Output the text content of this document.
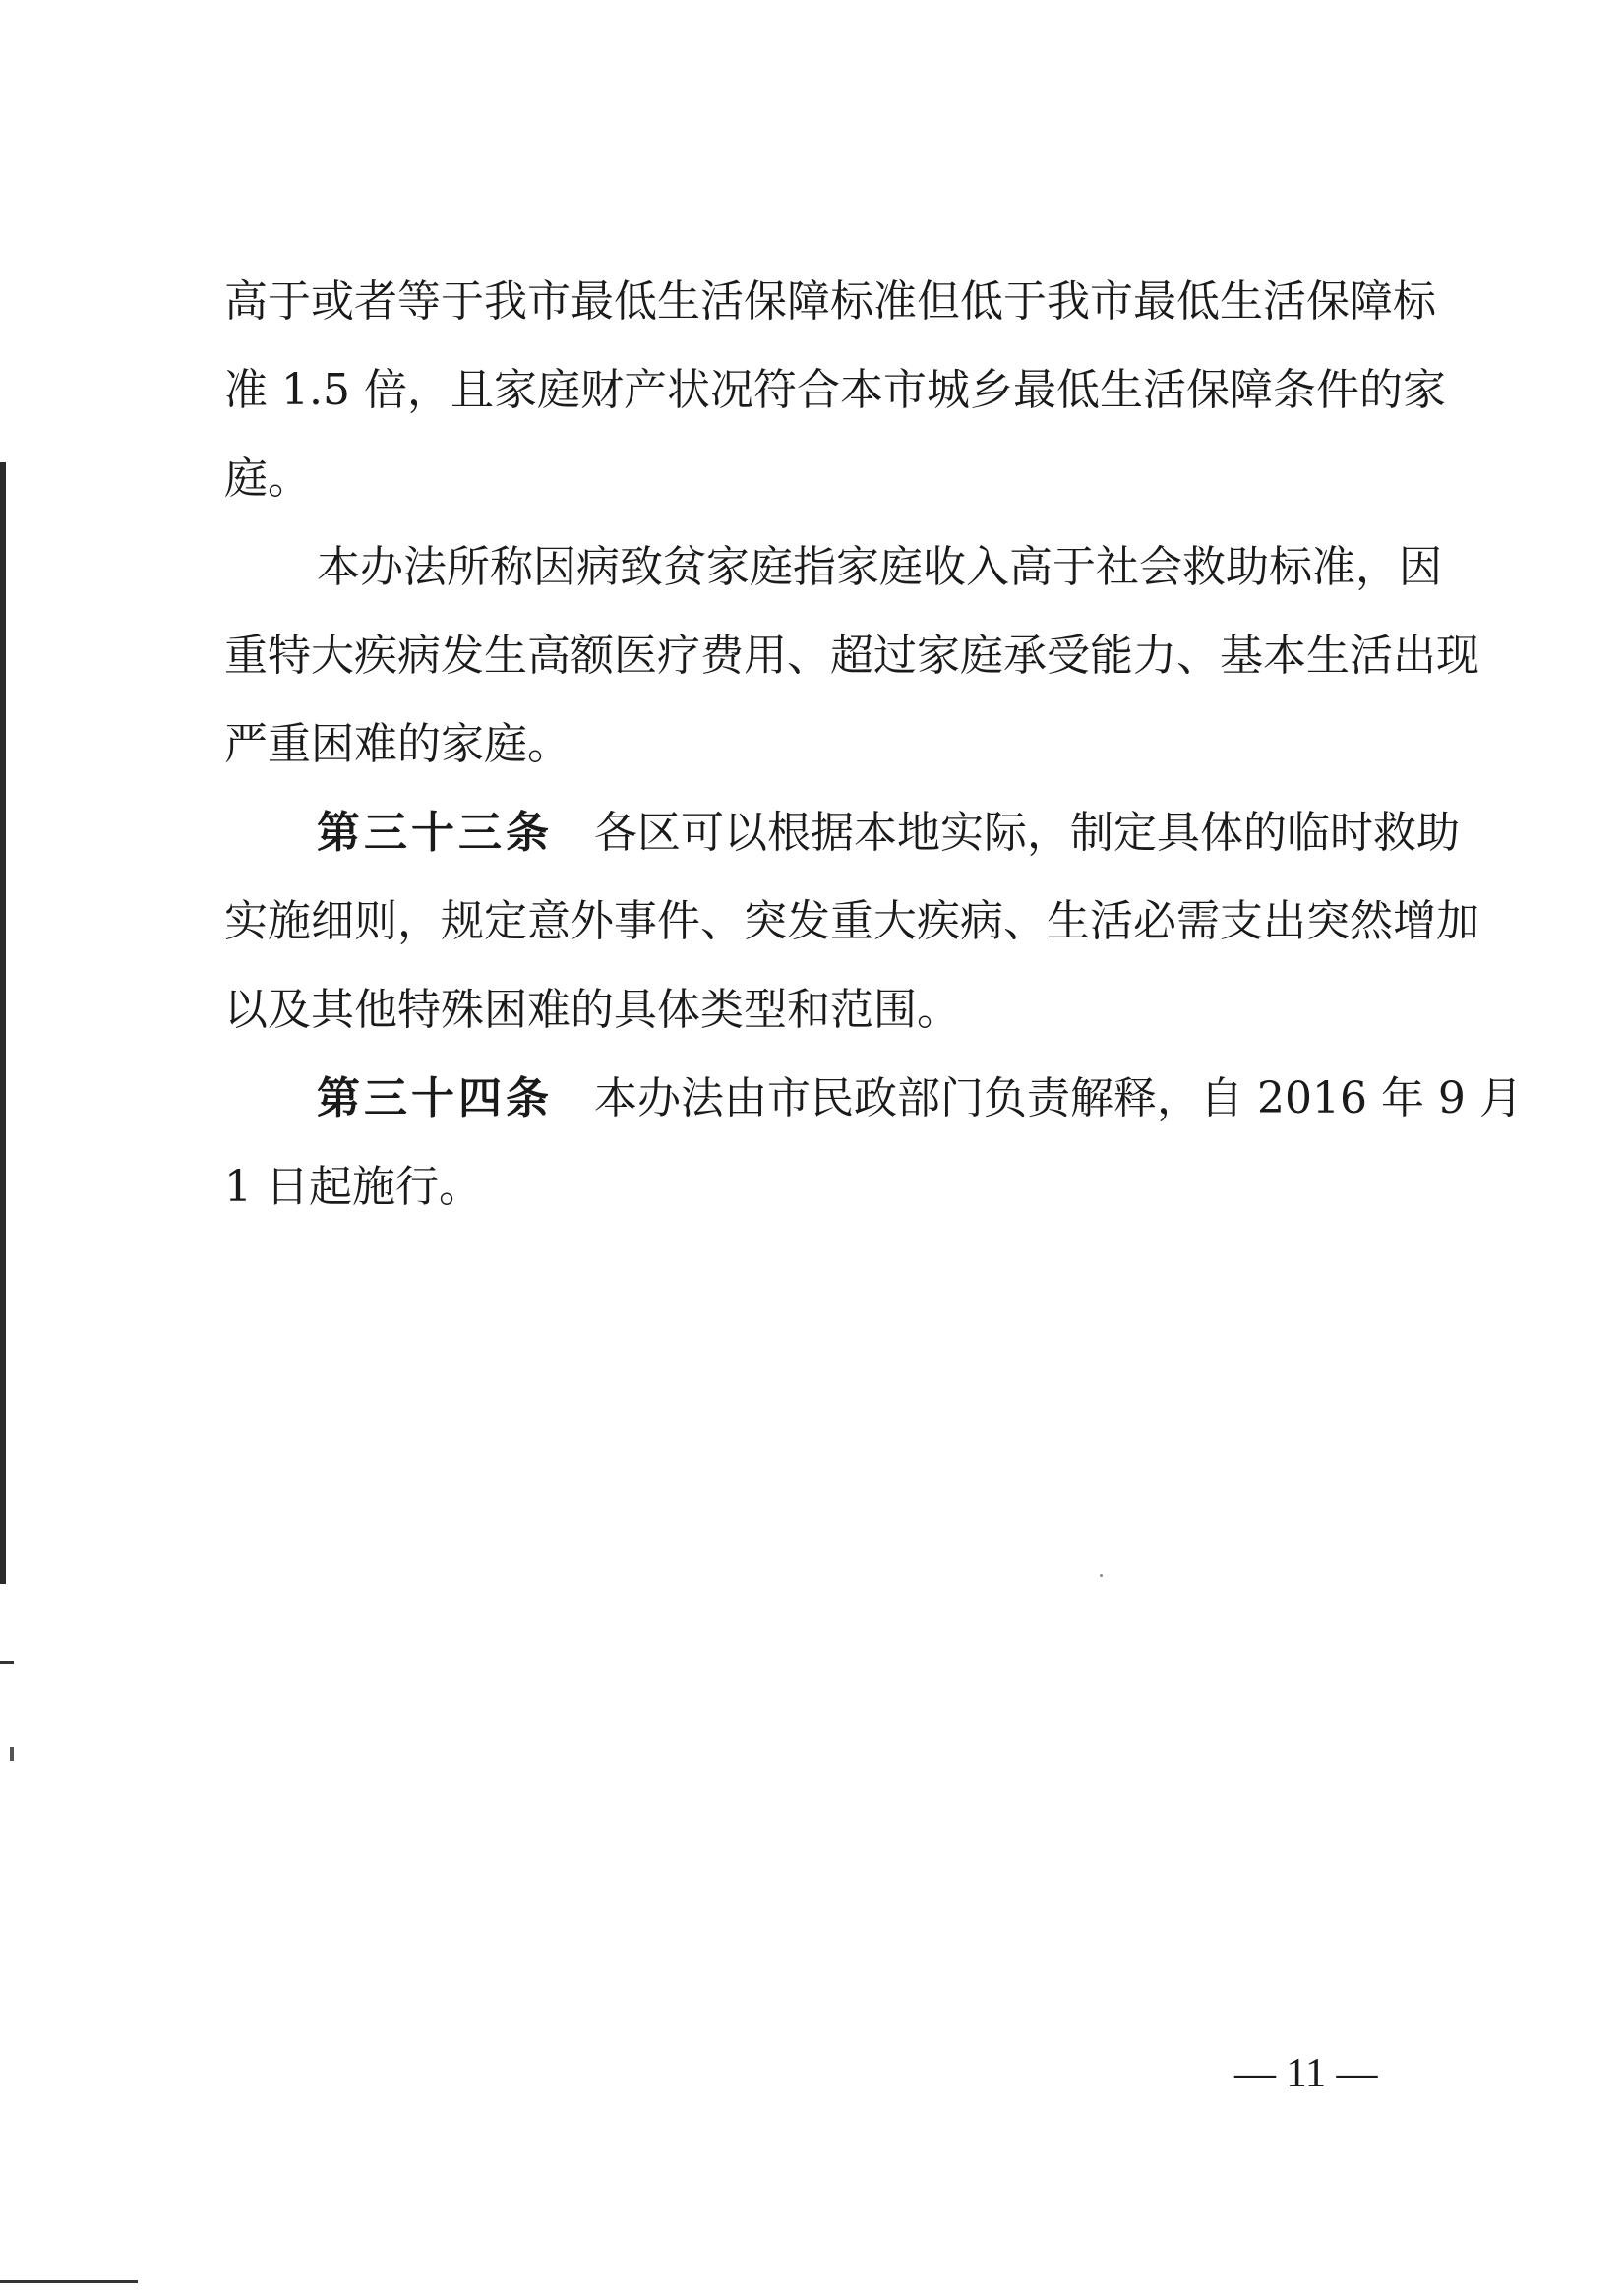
高于或者等于我市最低生活保障标准但低于我市最低生活保障标
准 1.5 倍，且家庭财产状况符合本市城乡最低生活保障条件的家
庭。
本办法所称因病致贫家庭指家庭收入高于社会救助标准，因
重特大疾病发生高额医疗费用、超过家庭承受能力、基本生活出现
严重困难的家庭。
第三十三条 各区可以根据本地实际，制定具体的临时救助
实施细则，规定意外事件、突发重大疾病、生活必需支出突然增加
以及其他特殊困难的具体类型和范围。
第三十四条 本办法由市民政部门负责解释，自 2016 年 9 月
1 日起施行。
— 11 —
